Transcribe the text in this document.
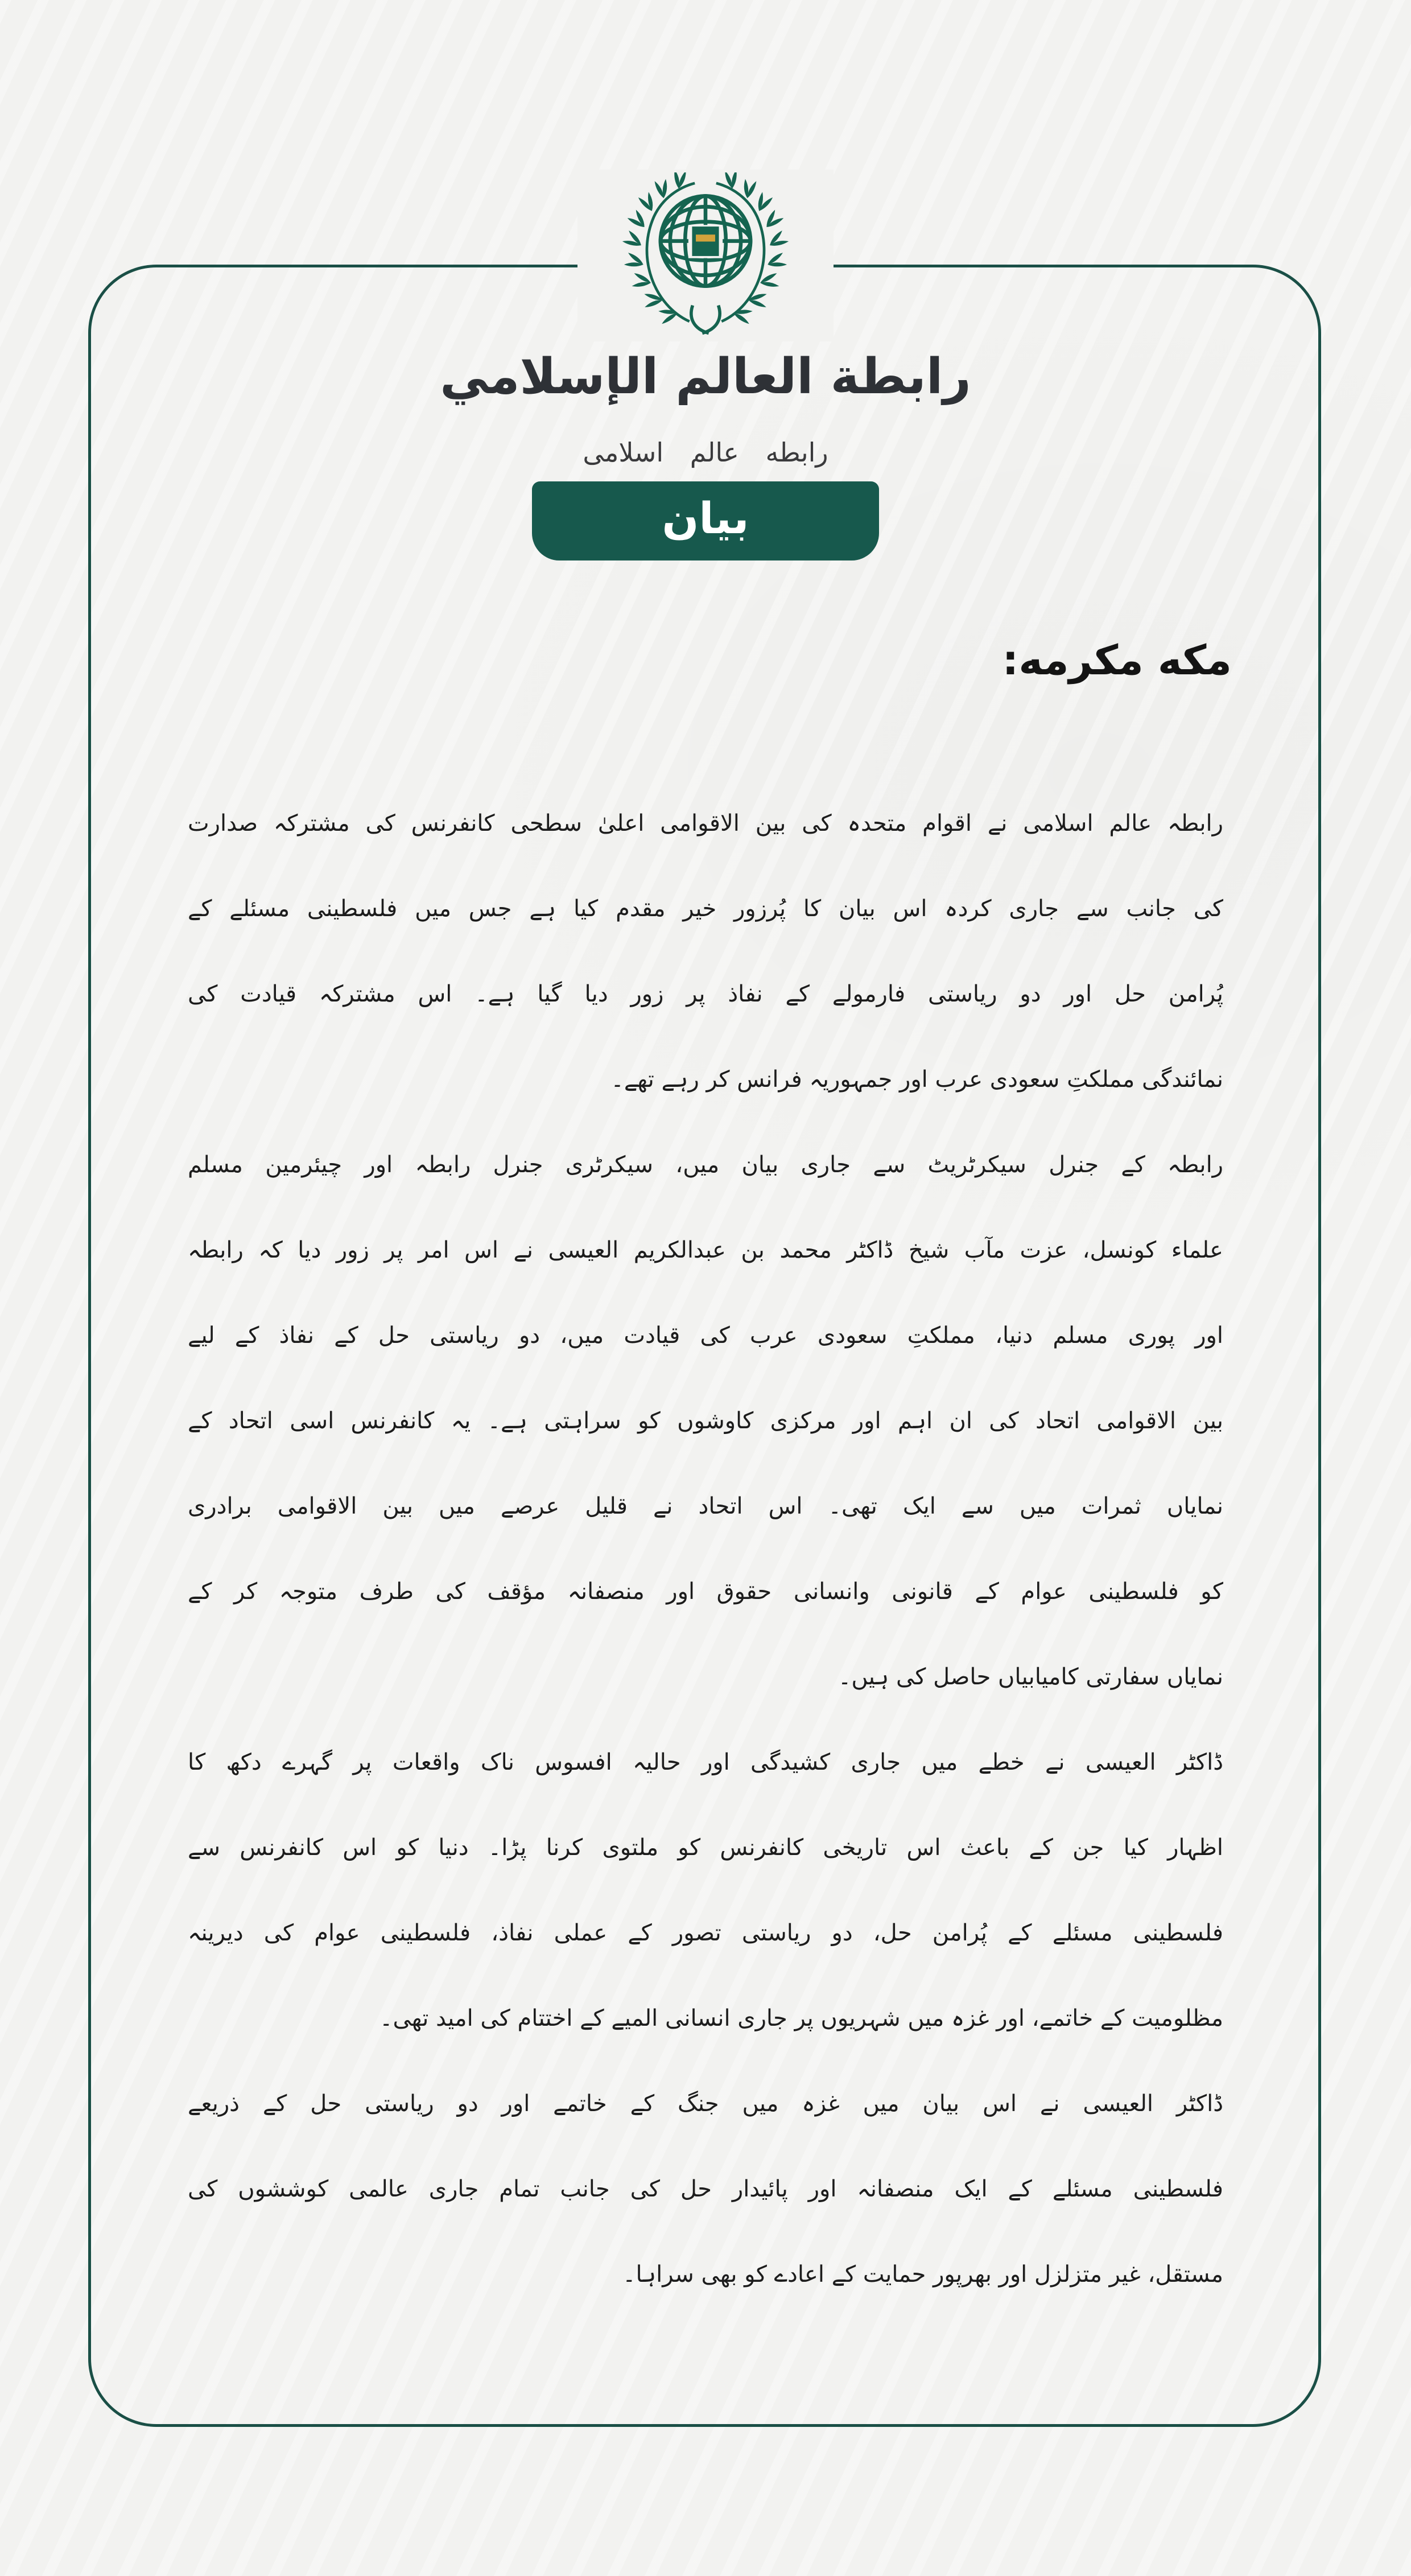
رابطة العالم الإسلامي
رابطه عالم اسلامی
بیان
مکه مکرمه:
رابطہ عالم اسلامی نے اقوام متحدہ کی بین الاقوامی اعلیٰ سطحی کانفرنس کی مشترکہ صدارت
کی جانب سے جاری کردہ اس بیان کا پُرزور خیر مقدم کیا ہے جس میں فلسطینی مسئلے کے
پُرامن حل اور دو ریاستی فارمولے کے نفاذ پر زور دیا گیا ہے۔ اس مشترکہ قیادت کی
نمائندگی مملکتِ سعودی عرب اور جمہوریہ فرانس کر رہے تھے۔
رابطہ کے جنرل سیکرٹریٹ سے جاری بیان میں، سیکرٹری جنرل رابطہ اور چیئرمین مسلم
علماء کونسل، عزت مآب شیخ ڈاکٹر محمد بن عبدالکریم العیسی نے اس امر پر زور دیا کہ رابطہ
اور پوری مسلم دنیا، مملکتِ سعودی عرب کی قیادت میں، دو ریاستی حل کے نفاذ کے لیے
بین الاقوامی اتحاد کی ان اہم اور مرکزی کاوشوں کو سراہتی ہے۔ یہ کانفرنس اسی اتحاد کے
نمایاں ثمرات میں سے ایک تھی۔ اس اتحاد نے قلیل عرصے میں بین الاقوامی برادری
کو فلسطینی عوام کے قانونی وانسانی حقوق اور منصفانہ مؤقف کی طرف متوجہ کر کے
نمایاں سفارتی کامیابیاں حاصل کی ہیں۔
ڈاکٹر العیسی نے خطے میں جاری کشیدگی اور حالیہ افسوس ناک واقعات پر گہرے دکھ کا
اظہار کیا جن کے باعث اس تاریخی کانفرنس کو ملتوی کرنا پڑا۔ دنیا کو اس کانفرنس سے
فلسطینی مسئلے کے پُرامن حل، دو ریاستی تصور کے عملی نفاذ، فلسطینی عوام کی دیرینہ
مظلومیت کے خاتمے، اور غزہ میں شہریوں پر جاری انسانی المیے کے اختتام کی امید تھی۔
ڈاکٹر العیسی نے اس بیان میں غزہ میں جنگ کے خاتمے اور دو ریاستی حل کے ذریعے
فلسطینی مسئلے کے ایک منصفانہ اور پائیدار حل کی جانب تمام جاری عالمی کوششوں کی
مستقل، غیر متزلزل اور بھرپور حمایت کے اعادے کو بھی سراہا۔
